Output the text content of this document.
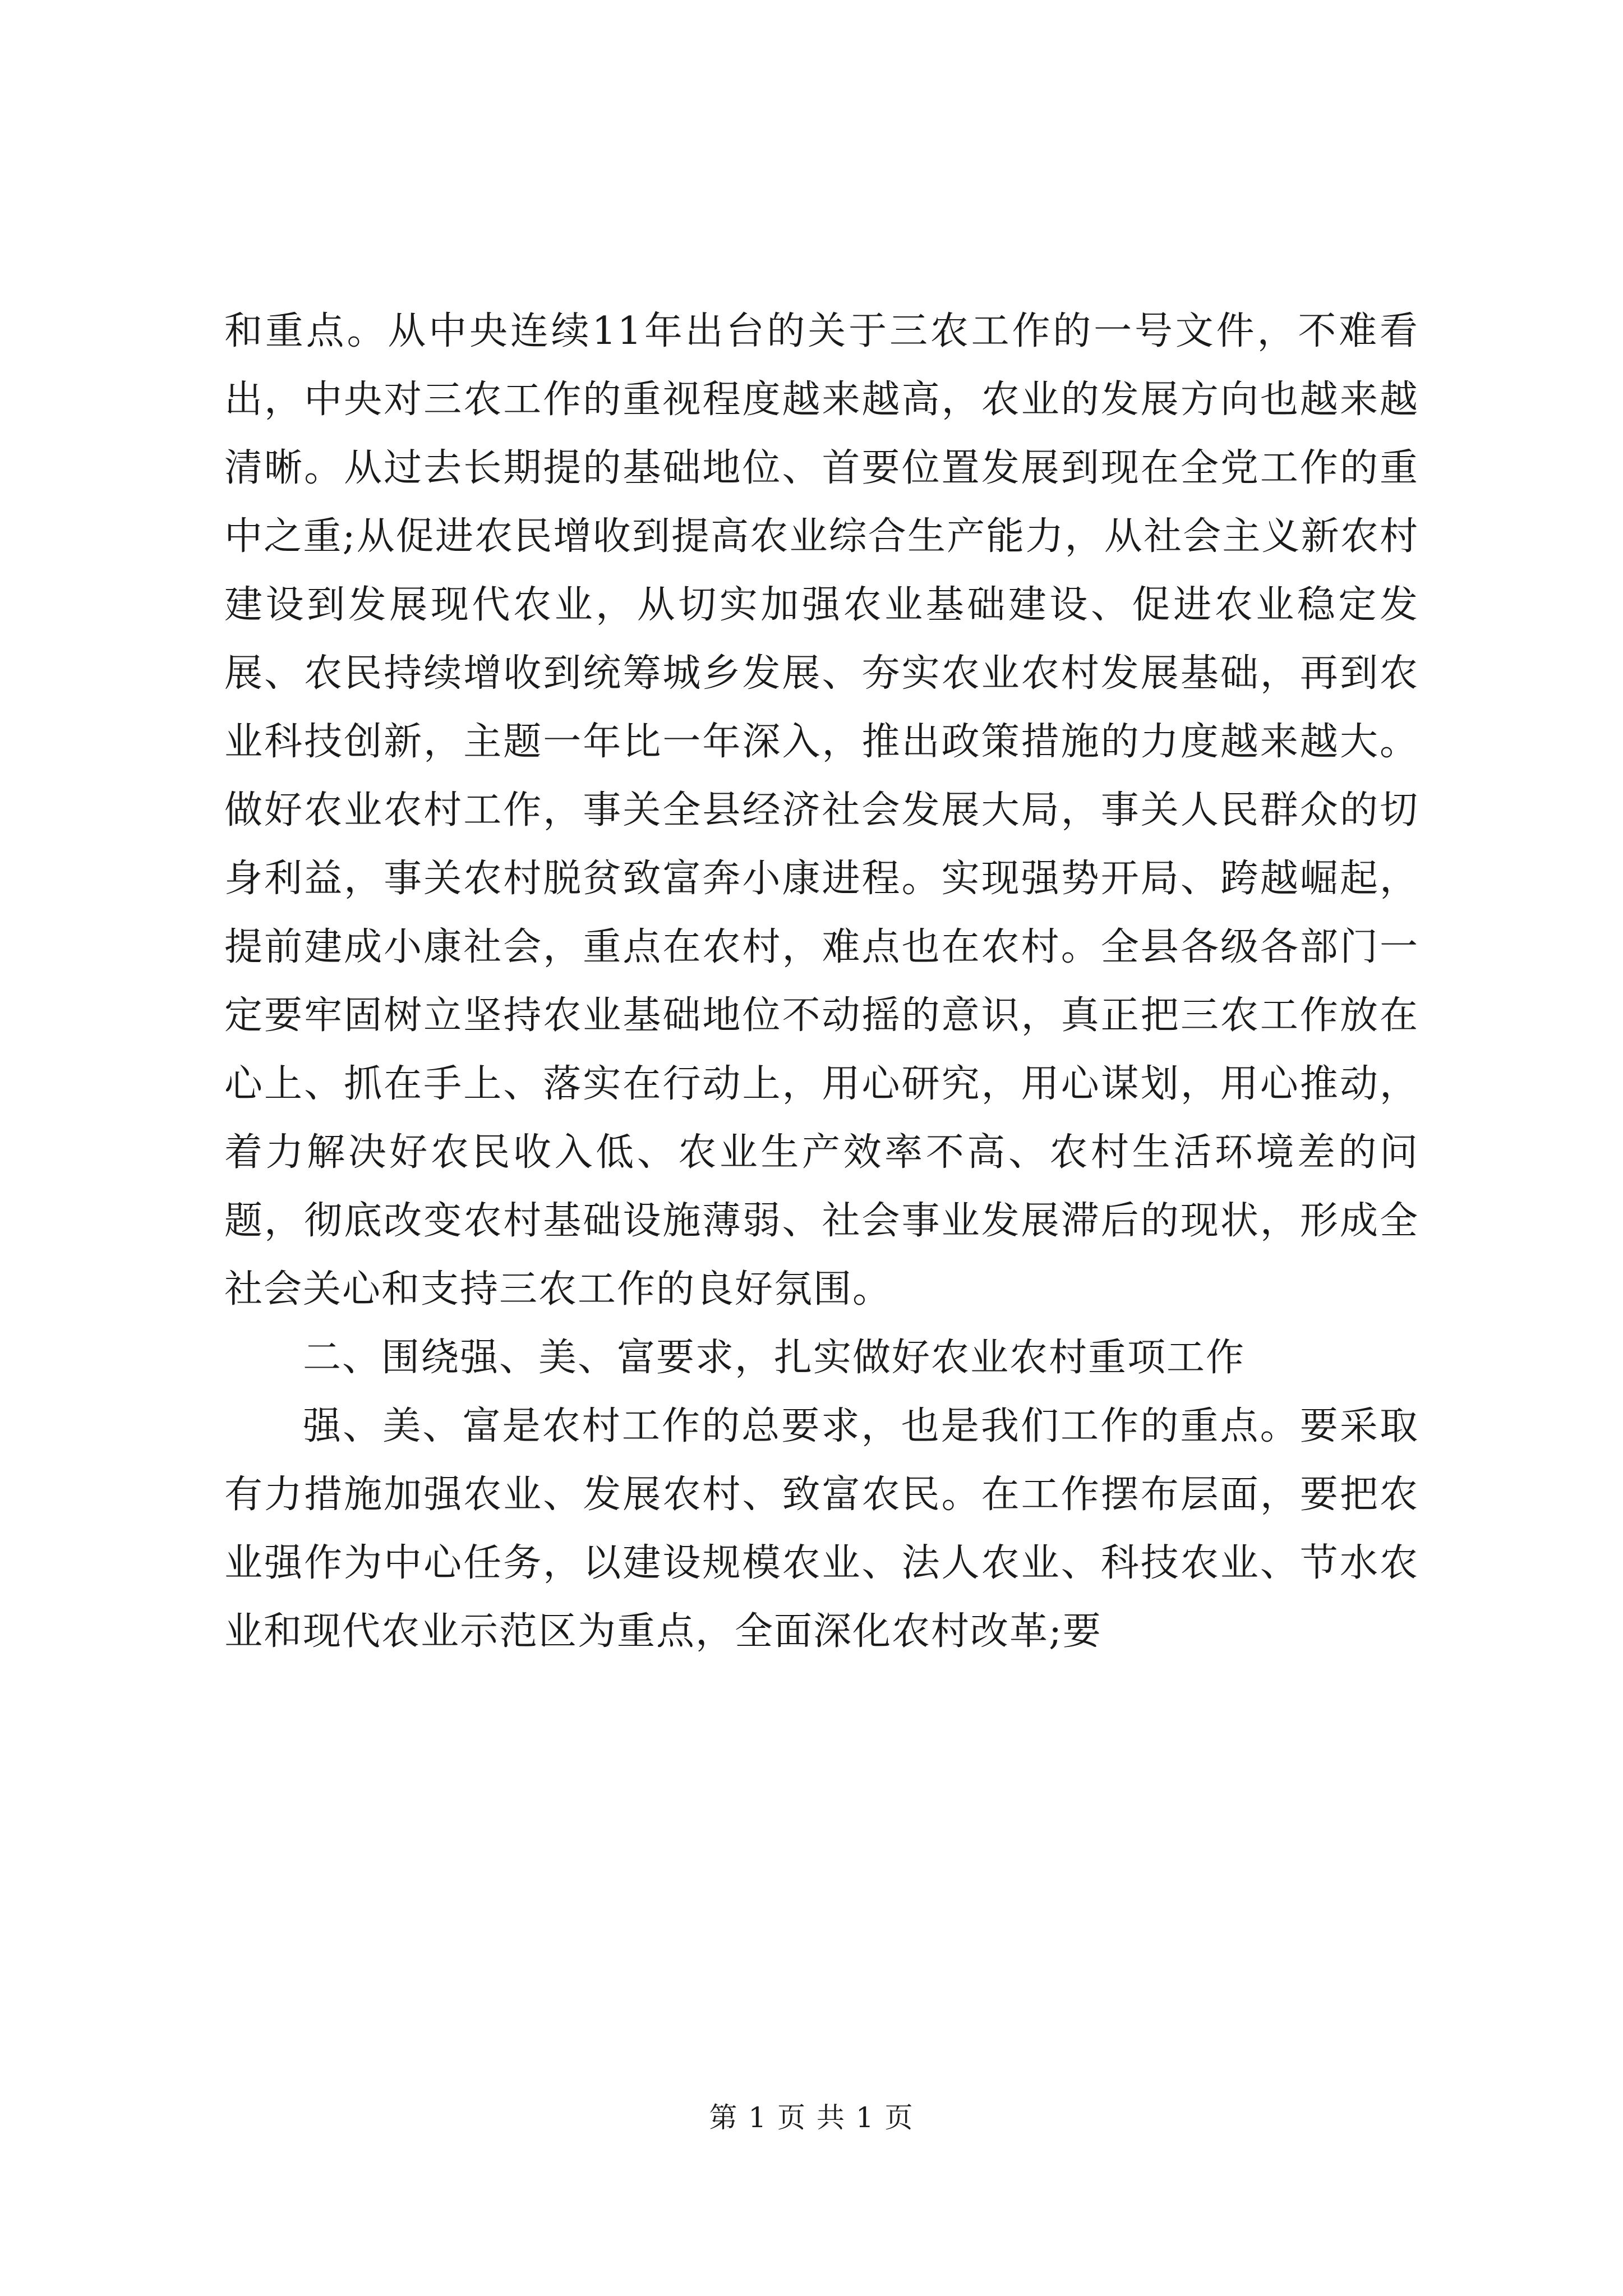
和重点。从中央连续11年出台的关于三农工作的一号文件，不难看出，中央对三农工作的重视程度越来越高，农业的发展方向也越来越清晰。从过去长期提的基础地位、首要位置发展到现在全党工作的重中之重;从促进农民增收到提高农业综合生产能力，从社会主义新农村建设到发展现代农业，从切实加强农业基础建设、促进农业稳定发展、农民持续增收到统筹城乡发展、夯实农业农村发展基础，再到农业科技创新，主题一年比一年深入，推出政策措施的力度越来越大。做好农业农村工作，事关全县经济社会发展大局，事关人民群众的切身利益，事关农村脱贫致富奔小康进程。实现强势开局、跨越崛起，提前建成小康社会，重点在农村，难点也在农村。全县各级各部门一定要牢固树立坚持农业基础地位不动摇的意识，真正把三农工作放在心上、抓在手上、落实在行动上，用心研究，用心谋划，用心推动，着力解决好农民收入低、农业生产效率不高、农村生活环境差的问题，彻底改变农村基础设施薄弱、社会事业发展滞后的现状，形成全社会关心和支持三农工作的良好氛围。

二、围绕强、美、富要求，扎实做好农业农村重项工作

强、美、富是农村工作的总要求，也是我们工作的重点。要采取有力措施加强农业、发展农村、致富农民。在工作摆布层面，要把农业强作为中心任务，以建设规模农业、法人农业、科技农业、节水农业和现代农业示范区为重点，全面深化农村改革;要

第 1 页 共 1 页
